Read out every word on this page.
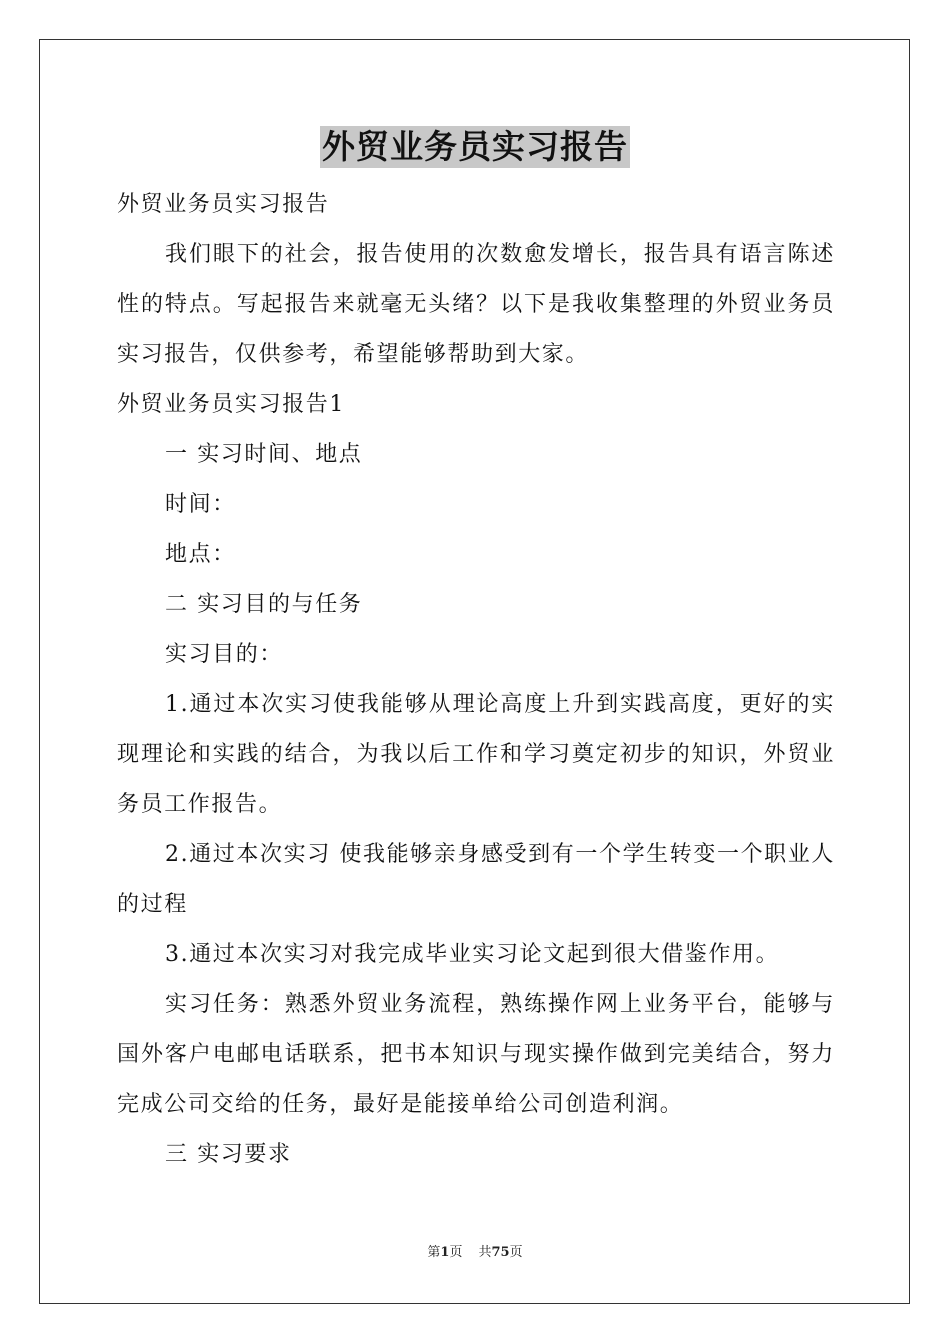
外贸业务员实习报告

外贸业务员实习报告

我们眼下的社会，报告使用的次数愈发增长，报告具有语言陈述性的特点。写起报告来就毫无头绪？以下是我收集整理的外贸业务员实习报告，仅供参考，希望能够帮助到大家。

外贸业务员实习报告1

一 实习时间、地点

时间：

地点：

二 实习目的与任务

实习目的：

1.通过本次实习使我能够从理论高度上升到实践高度，更好的实现理论和实践的结合，为我以后工作和学习奠定初步的知识，外贸业务员工作报告。

2.通过本次实习 使我能够亲身感受到有一个学生转变一个职业人的过程

3.通过本次实习对我完成毕业实习论文起到很大借鉴作用。

实习任务：熟悉外贸业务流程，熟练操作网上业务平台，能够与国外客户电邮电话联系，把书本知识与现实操作做到完美结合，努力完成公司交给的任务，最好是能接单给公司创造利润。

三 实习要求

第1页 共75页
